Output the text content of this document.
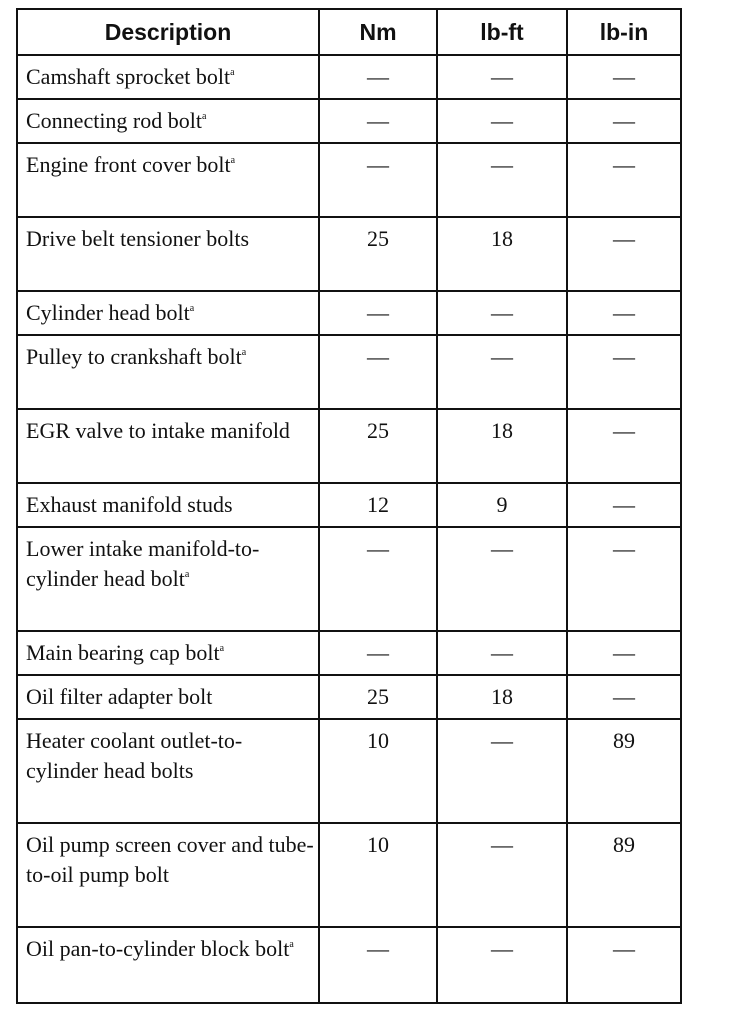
Description	Nm	lb-ft	lb-in
Camshaft sprocket bolt$^a$	—	—	—
Connecting rod bolt$^a$	—	—	—
Engine front cover bolt$^a$	—	—	—
Drive belt tensioner bolts	25	18	—
Cylinder head bolt$^a$	—	—	—
Pulley to crankshaft bolt$^a$	—	—	—
EGR valve to intake manifold	25	18	—
Exhaust manifold studs	12	9	—
Lower intake manifold-to-cylinder head bolt$^a$	—	—	—
Main bearing cap bolt$^a$	—	—	—
Oil filter adapter bolt	25	18	—
Heater coolant outlet-to-cylinder head bolts	10	—	89
Oil pump screen cover and tube-to-oil pump bolt	10	—	89
Oil pan-to-cylinder block bolt$^a$	—	—	—
